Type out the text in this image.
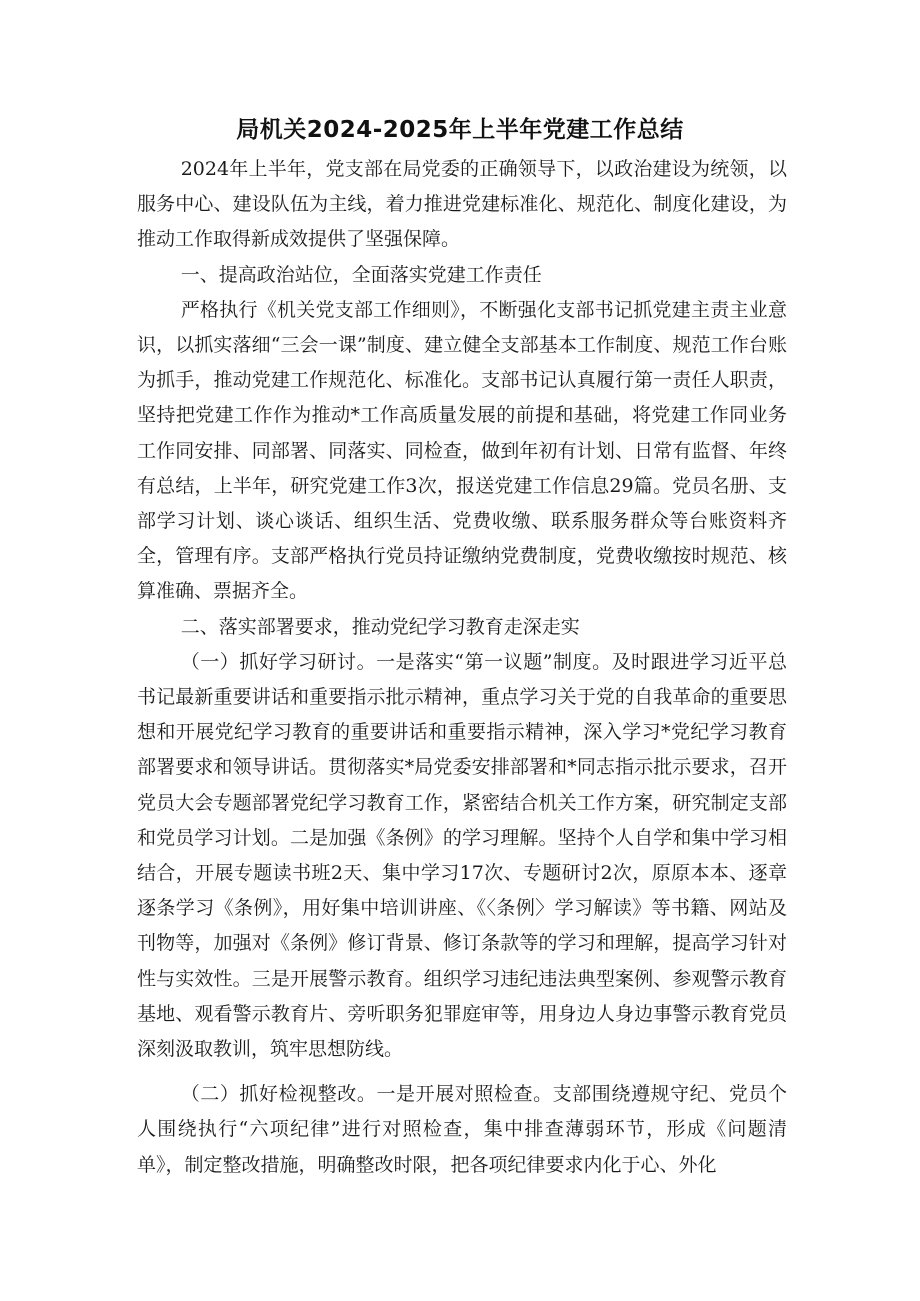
局机关2024-2025年上半年党建工作总结

2024年上半年，党支部在局党委的正确领导下，以政治建设为统领，以服务中心、建设队伍为主线，着力推进党建标准化、规范化、制度化建设，为推动工作取得新成效提供了坚强保障。

一、提高政治站位，全面落实党建工作责任

严格执行《机关党支部工作细则》，不断强化支部书记抓党建主责主业意识，以抓实落细“三会一课”制度、建立健全支部基本工作制度、规范工作台账为抓手，推动党建工作规范化、标准化。支部书记认真履行第一责任人职责，坚持把党建工作作为推动*工作高质量发展的前提和基础，将党建工作同业务工作同安排、同部署、同落实、同检查，做到年初有计划、日常有监督、年终有总结，上半年，研究党建工作3次，报送党建工作信息29篇。党员名册、支部学习计划、谈心谈话、组织生活、党费收缴、联系服务群众等台账资料齐全，管理有序。支部严格执行党员持证缴纳党费制度，党费收缴按时规范、核算准确、票据齐全。

二、落实部署要求，推动党纪学习教育走深走实

（一）抓好学习研讨。一是落实“第一议题”制度。及时跟进学习近平总书记最新重要讲话和重要指示批示精神，重点学习关于党的自我革命的重要思想和开展党纪学习教育的重要讲话和重要指示精神，深入学习*党纪学习教育部署要求和领导讲话。贯彻落实*局党委安排部署和*同志指示批示要求，召开党员大会专题部署党纪学习教育工作，紧密结合机关工作方案，研究制定支部和党员学习计划。二是加强《条例》的学习理解。坚持个人自学和集中学习相结合，开展专题读书班2天、集中学习17次、专题研讨2次，原原本本、逐章逐条学习《条例》，用好集中培训讲座、《〈条例〉学习解读》等书籍、网站及刊物等，加强对《条例》修订背景、修订条款等的学习和理解，提高学习针对性与实效性。三是开展警示教育。组织学习违纪违法典型案例、参观警示教育基地、观看警示教育片、旁听职务犯罪庭审等，用身边人身边事警示教育党员深刻汲取教训，筑牢思想防线。

（二）抓好检视整改。一是开展对照检查。支部围绕遵规守纪、党员个人围绕执行“六项纪律”进行对照检查，集中排查薄弱环节，形成《问题清单》，制定整改措施，明确整改时限，把各项纪律要求内化于心、外化
